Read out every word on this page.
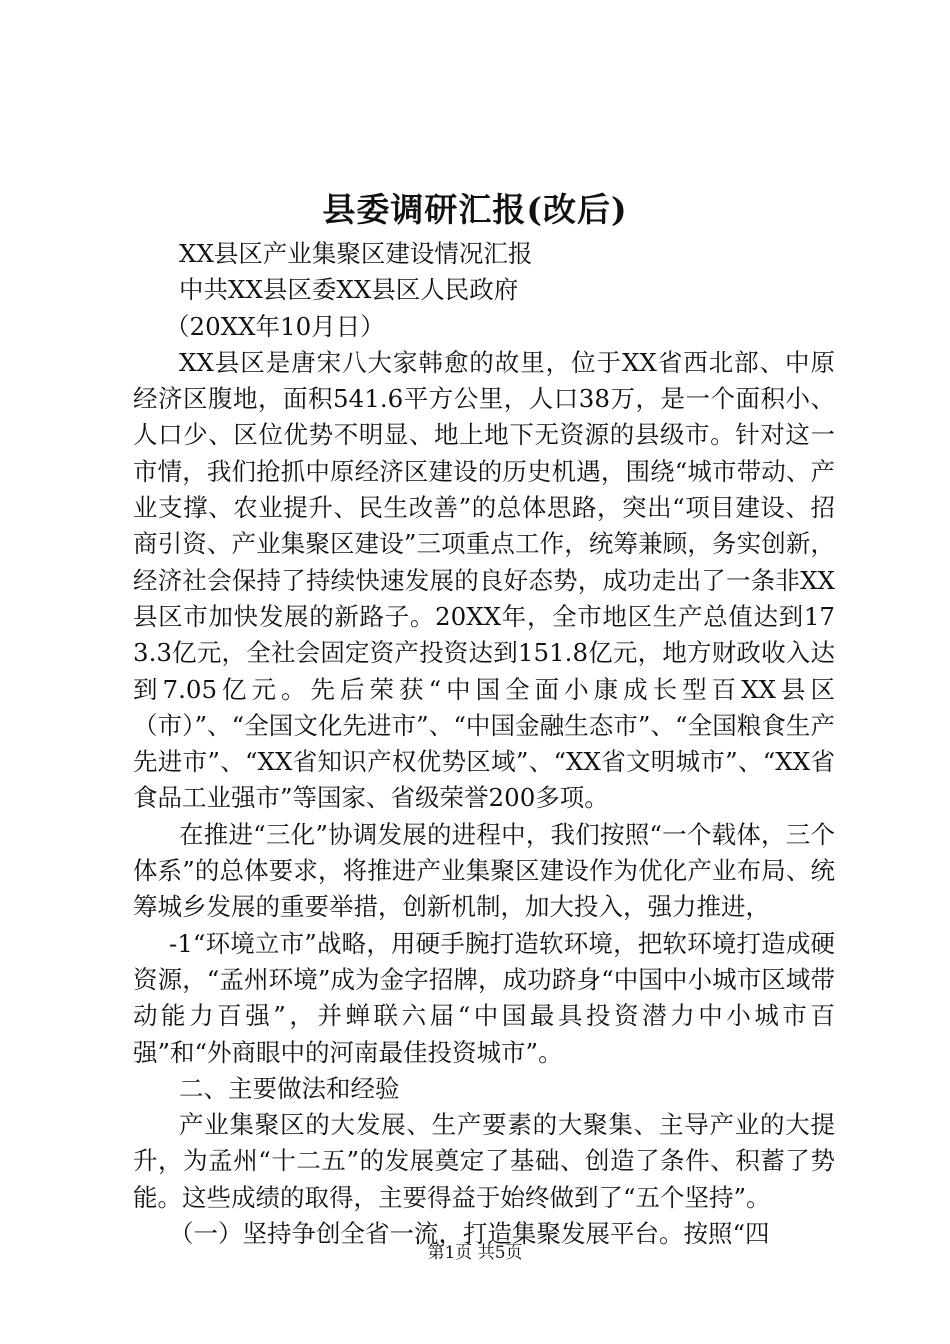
县委调研汇报(改后)

XX县区产业集聚区建设情况汇报

中共XX县区委XX县区人民政府

（20XX年10月日）

XX县区是唐宋八大家韩愈的故里，位于XX省西北部、中原经济区腹地，面积541.6平方公里，人口38万，是一个面积小、人口少、区位优势不明显、地上地下无资源的县级市。针对这一市情，我们抢抓中原经济区建设的历史机遇，围绕“城市带动、产业支撑、农业提升、民生改善”的总体思路，突出“项目建设、招商引资、产业集聚区建设”三项重点工作，统筹兼顾，务实创新，经济社会保持了持续快速发展的良好态势，成功走出了一条非XX县区市加快发展的新路子。20XX年，全市地区生产总值达到173.3亿元，全社会固定资产投资达到151.8亿元，地方财政收入达到7.05亿元。先后荣获“中国全面小康成长型百XX县区（市）”、“全国文化先进市”、“中国金融生态市”、“全国粮食生产先进市”、“XX省知识产权优势区域”、“XX省文明城市”、“XX省食品工业强市”等国家、省级荣誉200多项。

在推进“三化”协调发展的进程中，我们按照“一个载体，三个体系”的总体要求，将推进产业集聚区建设作为优化产业布局、统筹城乡发展的重要举措，创新机制，加大投入，强力推进，

-1“环境立市”战略，用硬手腕打造软环境，把软环境打造成硬资源，“孟州环境”成为金字招牌，成功跻身“中国中小城市区域带动能力百强”，并蝉联六届“中国最具投资潜力中小城市百强”和“外商眼中的河南最佳投资城市”。

二、主要做法和经验

产业集聚区的大发展、生产要素的大聚集、主导产业的大提升，为孟州“十二五”的发展奠定了基础、创造了条件、积蓄了势能。这些成绩的取得，主要得益于始终做到了“五个坚持”。

（一）坚持争创全省一流，打造集聚发展平台。按照“四

第1页 共5页
